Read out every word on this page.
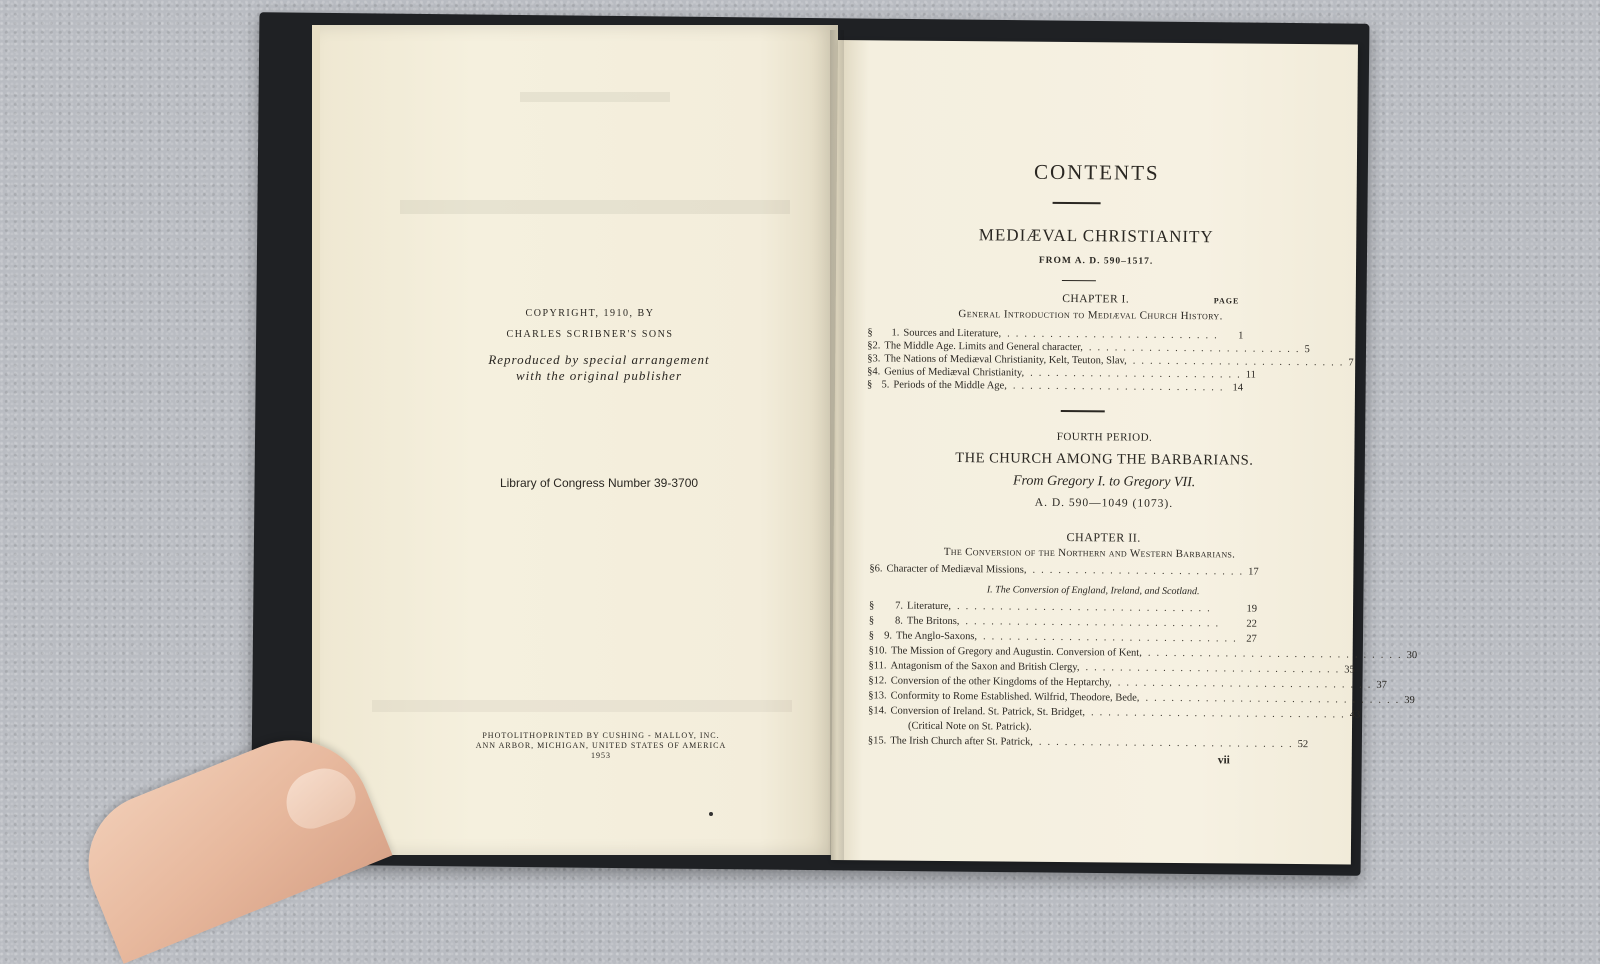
CONTENTS
MEDIÆVAL CHRISTIANITY
FROM A. D. 590–1517.
CHAPTER I.	PAGE
General Introduction to Mediæval Church History.
§	1. Sources and Literature, .........................	1
§ 2. The Middle Age. Limits and General character, ......................... 5
§ 3. The Nations of Mediæval Christianity, Kelt, Teuton, Slav, ......................... 7
§ 4. Genius of Mediæval Christianity, ......................... 11
§ 5. Periods of the Middle Age, ......................... 14
FOURTH PERIOD.
THE CHURCH AMONG THE BARBARIANS.
From Gregory I. to Gregory VII.
A. D. 590—1049 (1073).
CHAPTER II.
The Conversion of the Northern and Western Barbarians.
§ 6. Character of Mediæval Missions, ......................... 17
I. The Conversion of England, Ireland, and Scotland.
§	7. Literature, ..............................	19
§	8. The Britons, ..............................	22
§ 9. The Anglo-Saxons, .............................. 27
§ 10. The Mission of Gregory and Augustin. Conversion of Kent, .............................. 30
§ 11. Antagonism of the Saxon and British Clergy, .............................. 35
§ 12. Conversion of the other Kingdoms of the Heptarchy, .............................. 37
§ 13. Conformity to Rome Established. Wilfrid, Theodore, Bede, .............................. 39
§ 14. Conversion of Ireland. St. Patrick, St. Bridget, .............................. 43
(Critical Note on St. Patrick).
§ 15. The Irish Church after St. Patrick, .............................. 52
vii
COPYRIGHT, 1910, BY
CHARLES SCRIBNER'S SONS
Reproduced by special arrangement
with the original publisher
Library of Congress Number 39-3700
PHOTOLITHOPRINTED BY CUSHING - MALLOY, INC.
ANN ARBOR, MICHIGAN, UNITED STATES OF AMERICA
1953
